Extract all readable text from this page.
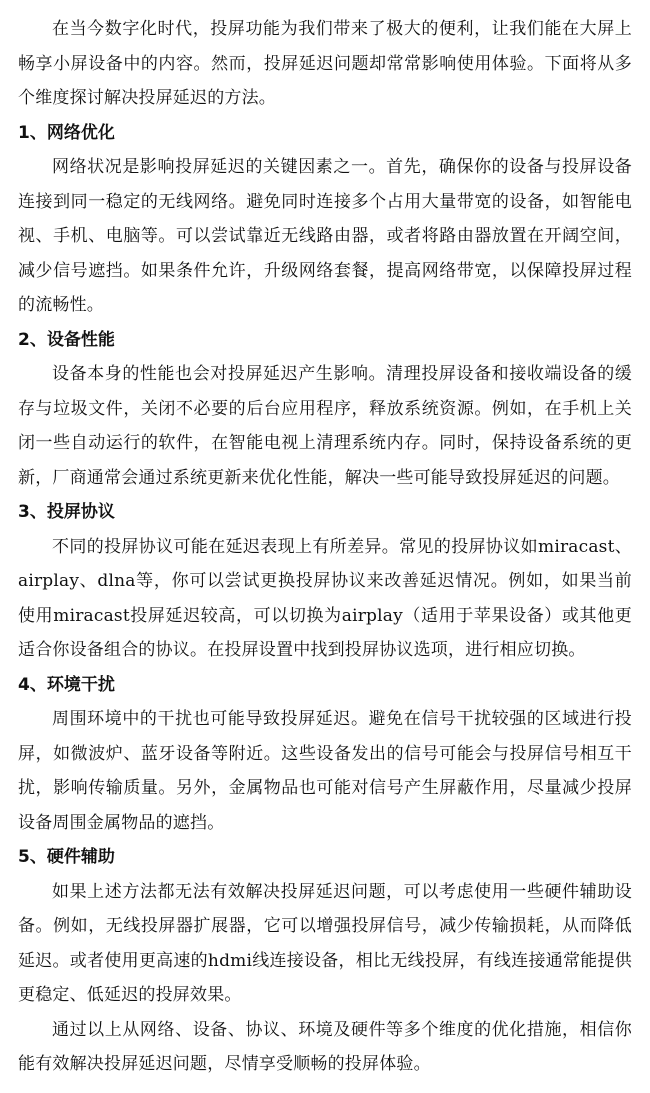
在当今数字化时代，投屏功能为我们带来了极大的便利，让我们能在大屏上畅享小屏设备中的内容。然而，投屏延迟问题却常常影响使用体验。下面将从多个维度探讨解决投屏延迟的方法。

1、网络优化

网络状况是影响投屏延迟的关键因素之一。首先，确保你的设备与投屏设备连接到同一稳定的无线网络。避免同时连接多个占用大量带宽的设备，如智能电视、手机、电脑等。可以尝试靠近无线路由器，或者将路由器放置在开阔空间，减少信号遮挡。如果条件允许，升级网络套餐，提高网络带宽，以保障投屏过程的流畅性。

2、设备性能

设备本身的性能也会对投屏延迟产生影响。清理投屏设备和接收端设备的缓存与垃圾文件，关闭不必要的后台应用程序，释放系统资源。例如，在手机上关闭一些自动运行的软件，在智能电视上清理系统内存。同时，保持设备系统的更新，厂商通常会通过系统更新来优化性能，解决一些可能导致投屏延迟的问题。

3、投屏协议

不同的投屏协议可能在延迟表现上有所差异。常见的投屏协议如miracast、airplay、dlna等，你可以尝试更换投屏协议来改善延迟情况。例如，如果当前使用miracast投屏延迟较高，可以切换为airplay（适用于苹果设备）或其他更适合你设备组合的协议。在投屏设置中找到投屏协议选项，进行相应切换。

4、环境干扰

周围环境中的干扰也可能导致投屏延迟。避免在信号干扰较强的区域进行投屏，如微波炉、蓝牙设备等附近。这些设备发出的信号可能会与投屏信号相互干扰，影响传输质量。另外，金属物品也可能对信号产生屏蔽作用，尽量减少投屏设备周围金属物品的遮挡。

5、硬件辅助

如果上述方法都无法有效解决投屏延迟问题，可以考虑使用一些硬件辅助设备。例如，无线投屏器扩展器，它可以增强投屏信号，减少传输损耗，从而降低延迟。或者使用更高速的hdmi线连接设备，相比无线投屏，有线连接通常能提供更稳定、低延迟的投屏效果。

通过以上从网络、设备、协议、环境及硬件等多个维度的优化措施，相信你能有效解决投屏延迟问题，尽情享受顺畅的投屏体验。
